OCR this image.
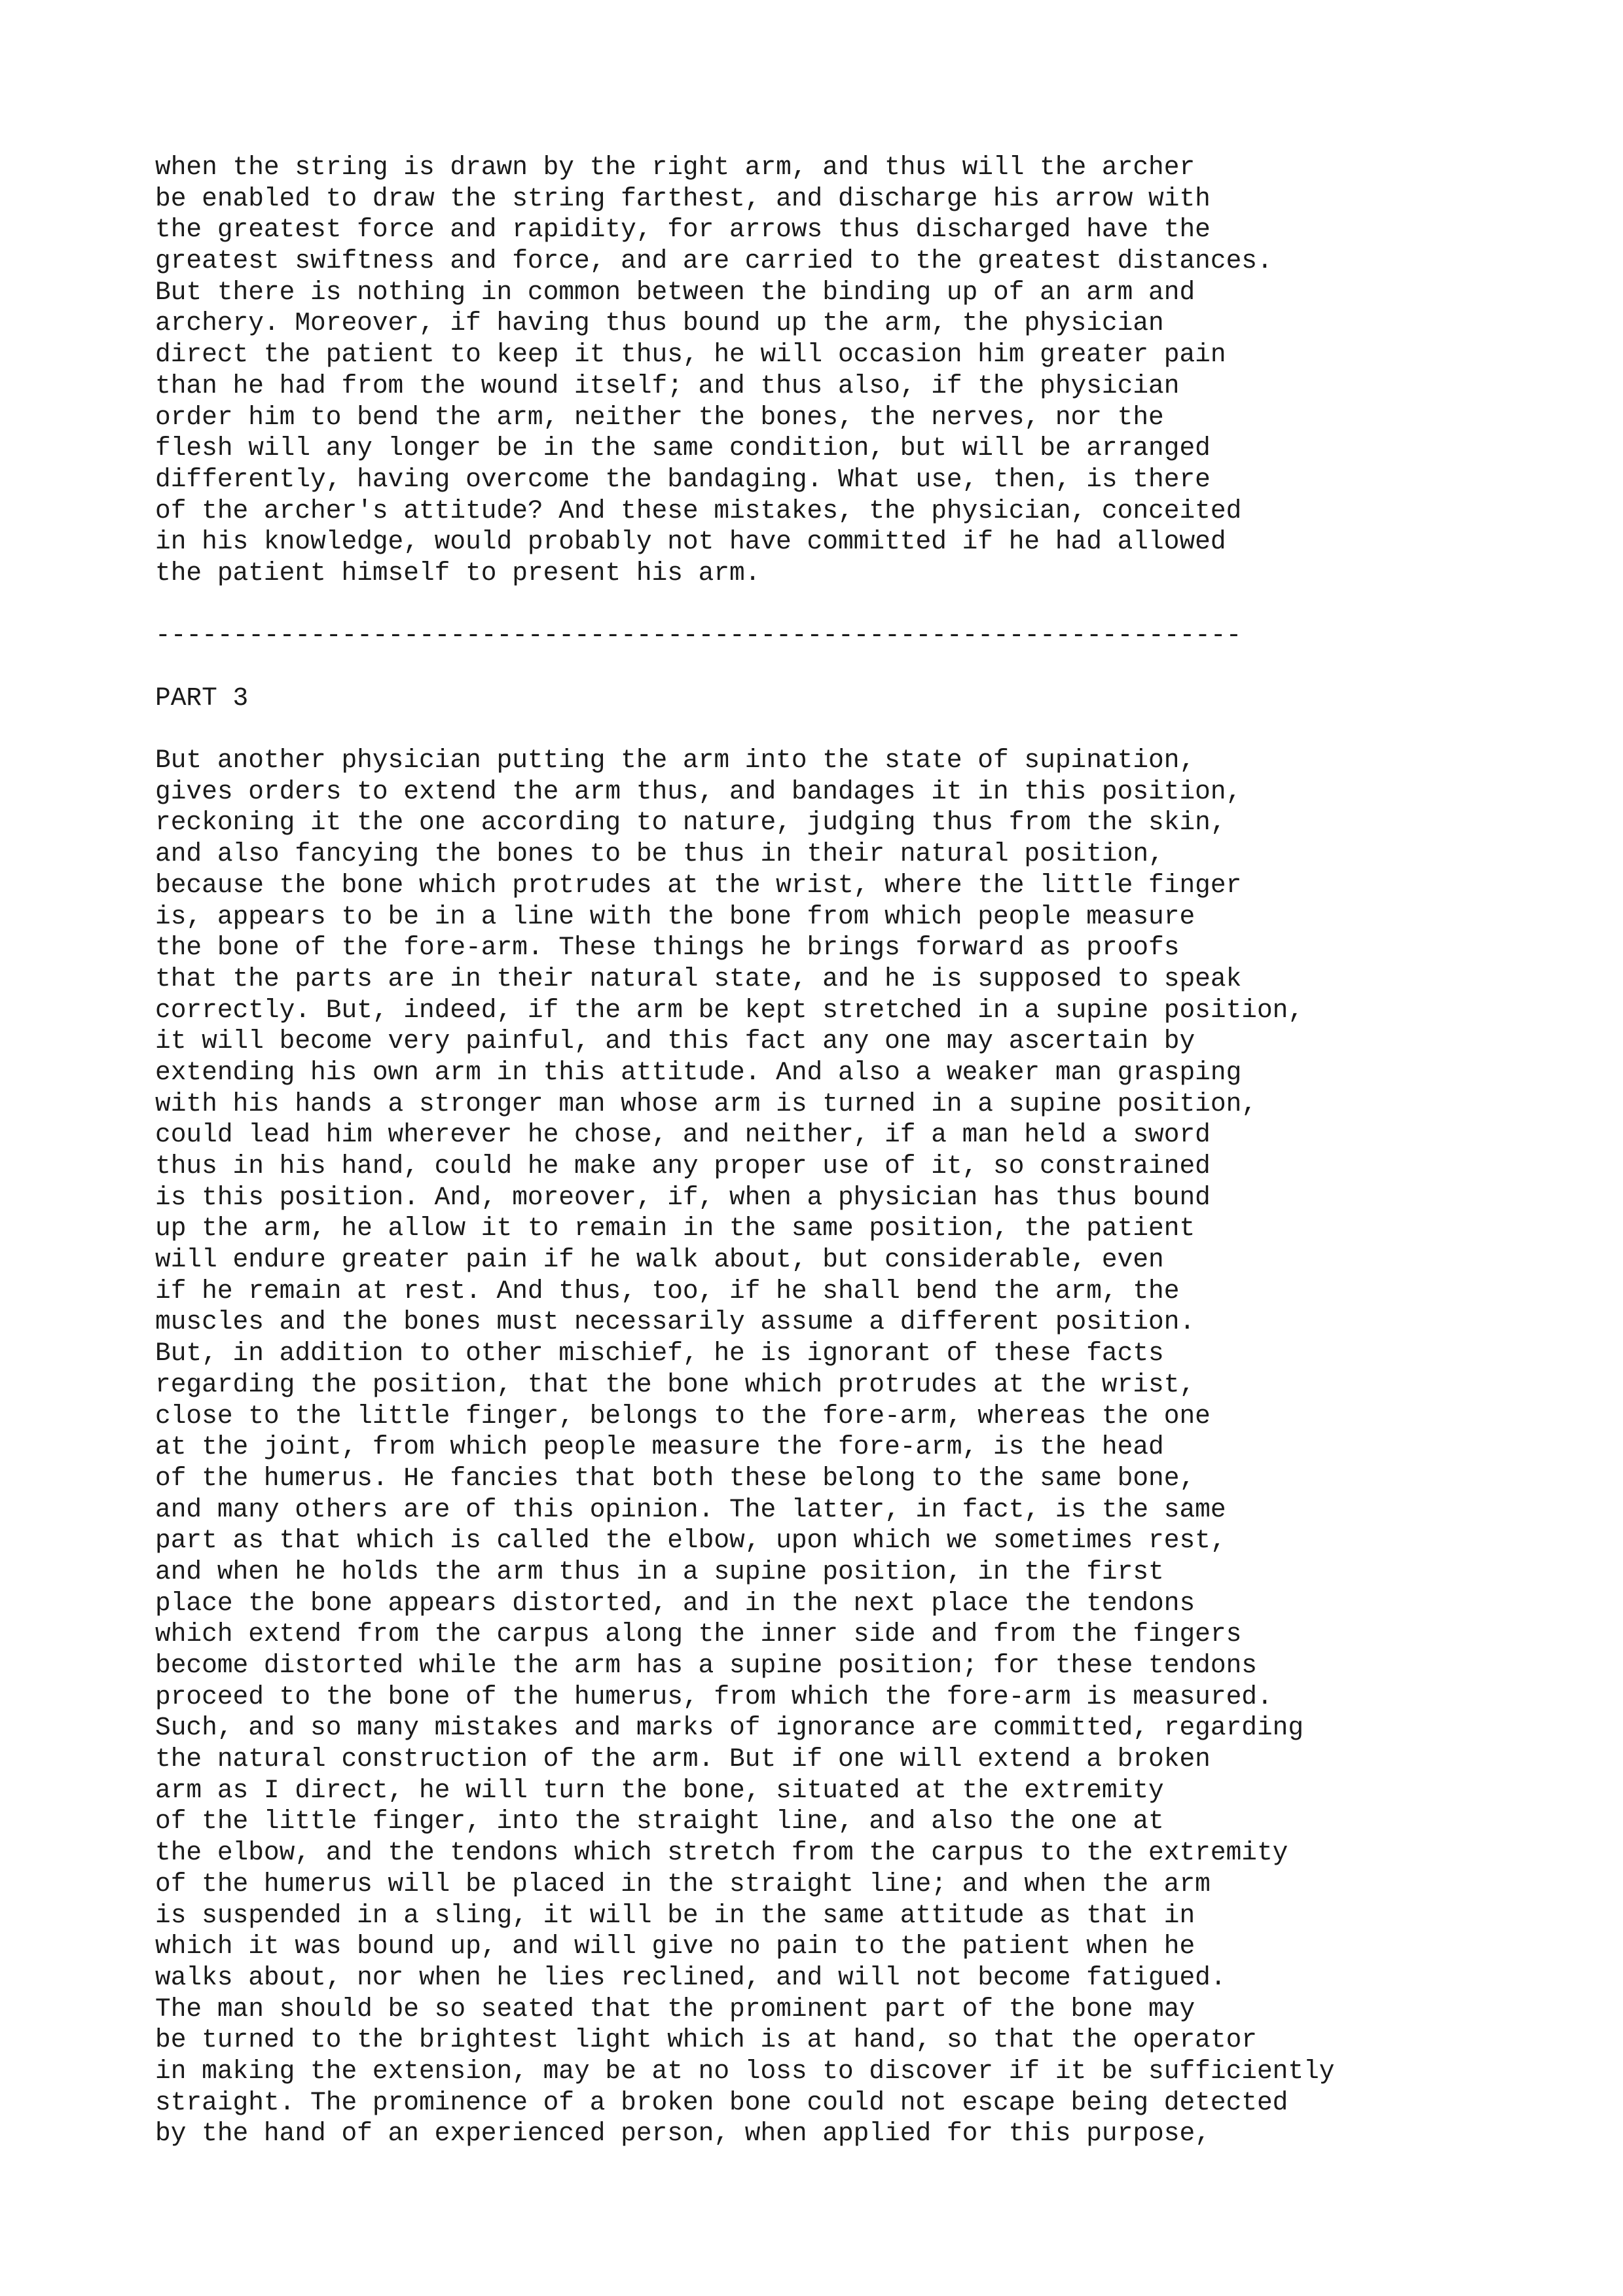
when the string is drawn by the right arm, and thus will the archer
be enabled to draw the string farthest, and discharge his arrow with
the greatest force and rapidity, for arrows thus discharged have the
greatest swiftness and force, and are carried to the greatest distances.
But there is nothing in common between the binding up of an arm and
archery. Moreover, if having thus bound up the arm, the physician
direct the patient to keep it thus, he will occasion him greater pain
than he had from the wound itself; and thus also, if the physician
order him to bend the arm, neither the bones, the nerves, nor the
flesh will any longer be in the same condition, but will be arranged
differently, having overcome the bandaging. What use, then, is there
of the archer's attitude? And these mistakes, the physician, conceited
in his knowledge, would probably not have committed if he had allowed
the patient himself to present his arm.
----------------------------------------------------------------------
PART 3
But another physician putting the arm into the state of supination,
gives orders to extend the arm thus, and bandages it in this position,
reckoning it the one according to nature, judging thus from the skin,
and also fancying the bones to be thus in their natural position,
because the bone which protrudes at the wrist, where the little finger
is, appears to be in a line with the bone from which people measure
the bone of the fore-arm. These things he brings forward as proofs
that the parts are in their natural state, and he is supposed to speak
correctly. But, indeed, if the arm be kept stretched in a supine position,
it will become very painful, and this fact any one may ascertain by
extending his own arm in this attitude. And also a weaker man grasping
with his hands a stronger man whose arm is turned in a supine position,
could lead him wherever he chose, and neither, if a man held a sword
thus in his hand, could he make any proper use of it, so constrained
is this position. And, moreover, if, when a physician has thus bound
up the arm, he allow it to remain in the same position, the patient
will endure greater pain if he walk about, but considerable, even
if he remain at rest. And thus, too, if he shall bend the arm, the
muscles and the bones must necessarily assume a different position.
But, in addition to other mischief, he is ignorant of these facts
regarding the position, that the bone which protrudes at the wrist,
close to the little finger, belongs to the fore-arm, whereas the one
at the joint, from which people measure the fore-arm, is the head
of the humerus. He fancies that both these belong to the same bone,
and many others are of this opinion. The latter, in fact, is the same
part as that which is called the elbow, upon which we sometimes rest,
and when he holds the arm thus in a supine position, in the first
place the bone appears distorted, and in the next place the tendons
which extend from the carpus along the inner side and from the fingers
become distorted while the arm has a supine position; for these tendons
proceed to the bone of the humerus, from which the fore-arm is measured.
Such, and so many mistakes and marks of ignorance are committed, regarding
the natural construction of the arm. But if one will extend a broken
arm as I direct, he will turn the bone, situated at the extremity
of the little finger, into the straight line, and also the one at
the elbow, and the tendons which stretch from the carpus to the extremity
of the humerus will be placed in the straight line; and when the arm
is suspended in a sling, it will be in the same attitude as that in
which it was bound up, and will give no pain to the patient when he
walks about, nor when he lies reclined, and will not become fatigued.
The man should be so seated that the prominent part of the bone may
be turned to the brightest light which is at hand, so that the operator
in making the extension, may be at no loss to discover if it be sufficiently
straight. The prominence of a broken bone could not escape being detected
by the hand of an experienced person, when applied for this purpose,
